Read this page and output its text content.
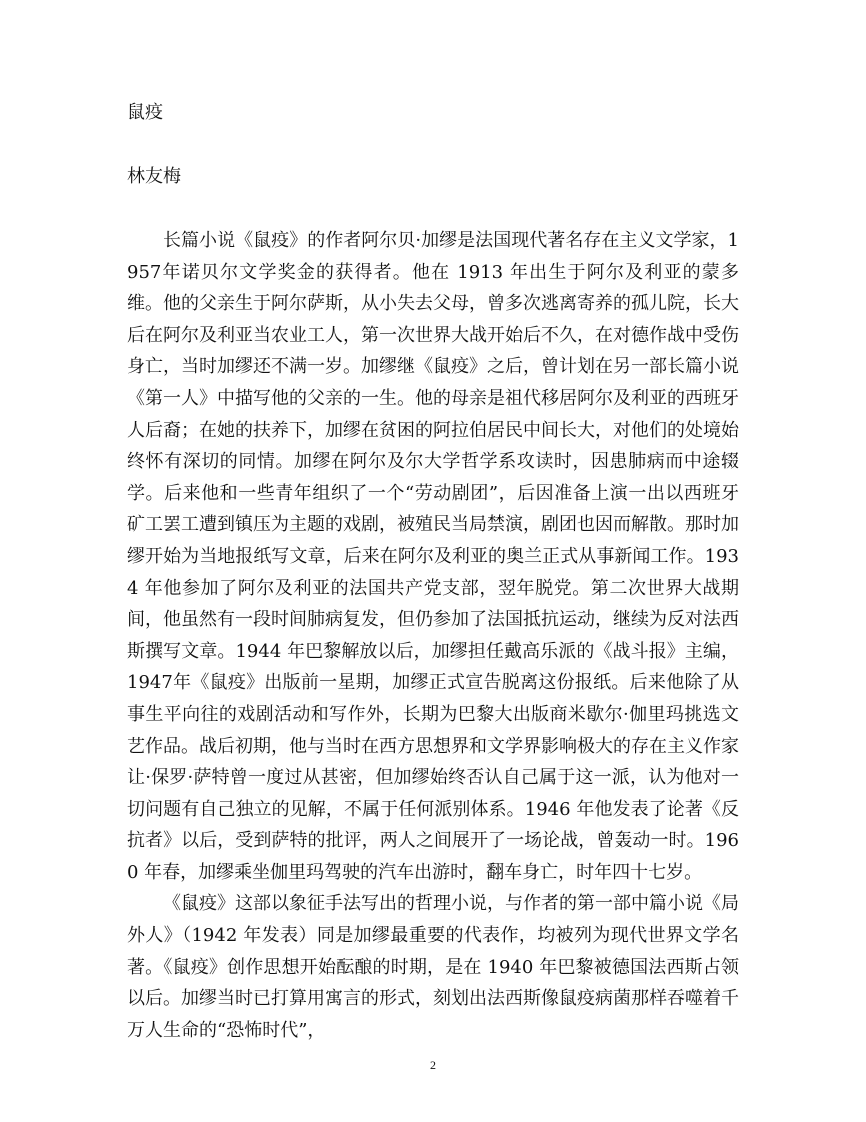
鼠疫
林友梅

长篇小说《鼠疫》的作者阿尔贝·加缪是法国现代著名存在主义文学家，1957年诺贝尔文学奖金的获得者。他在 1913 年出生于阿尔及利亚的蒙多维。他的父亲生于阿尔萨斯，从小失去父母，曾多次逃离寄养的孤儿院，长大后在阿尔及利亚当农业工人，第一次世界大战开始后不久，在对德作战中受伤身亡，当时加缪还不满一岁。加缪继《鼠疫》之后，曾计划在另一部长篇小说《第一人》中描写他的父亲的一生。他的母亲是祖代移居阿尔及利亚的西班牙人后裔；在她的扶养下，加缪在贫困的阿拉伯居民中间长大，对他们的处境始终怀有深切的同情。加缪在阿尔及尔大学哲学系攻读时，因患肺病而中途辍学。后来他和一些青年组织了一个“劳动剧团”，后因准备上演一出以西班牙矿工罢工遭到镇压为主题的戏剧，被殖民当局禁演，剧团也因而解散。那时加缪开始为当地报纸写文章，后来在阿尔及利亚的奥兰正式从事新闻工作。1934 年他参加了阿尔及利亚的法国共产党支部，翌年脱党。第二次世界大战期间，他虽然有一段时间肺病复发，但仍参加了法国抵抗运动，继续为反对法西斯撰写文章。1944 年巴黎解放以后，加缪担任戴高乐派的《战斗报》主编，1947年《鼠疫》出版前一星期，加缪正式宣告脱离这份报纸。后来他除了从事生平向往的戏剧活动和写作外，长期为巴黎大出版商米歇尔·伽里玛挑选文艺作品。战后初期，他与当时在西方思想界和文学界影响极大的存在主义作家让·保罗·萨特曾一度过从甚密，但加缪始终否认自己属于这一派，认为他对一切问题有自己独立的见解，不属于任何派别体系。1946 年他发表了论著《反抗者》以后，受到萨特的批评，两人之间展开了一场论战，曾轰动一时。1960 年春，加缪乘坐伽里玛驾驶的汽车出游时，翻车身亡，时年四十七岁。

《鼠疫》这部以象征手法写出的哲理小说，与作者的第一部中篇小说《局外人》（1942 年发表）同是加缪最重要的代表作，均被列为现代世界文学名著。《鼠疫》创作思想开始酝酿的时期，是在 1940 年巴黎被德国法西斯占领以后。加缪当时已打算用寓言的形式，刻划出法西斯像鼠疫病菌那样吞噬着千万人生命的“恐怖时代”，

2
